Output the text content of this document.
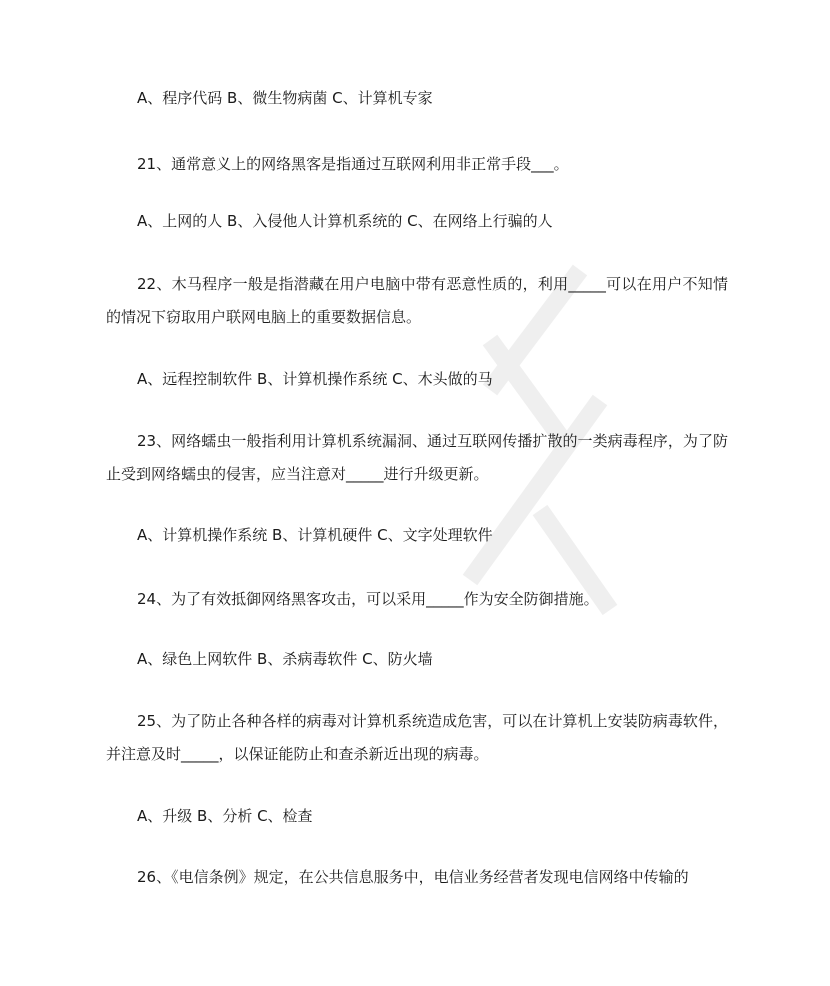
A、程序代码 B、微生物病菌 C、计算机专家

21、通常意义上的网络黑客是指通过互联网利用非正常手段___。

A、上网的人 B、入侵他人计算机系统的 C、在网络上行骗的人

22、木马程序一般是指潜藏在用户电脑中带有恶意性质的，利用_____可以在用户不知情的情况下窃取用户联网电脑上的重要数据信息。

A、远程控制软件 B、计算机操作系统 C、木头做的马

23、网络蠕虫一般指利用计算机系统漏洞、通过互联网传播扩散的一类病毒程序，为了防止受到网络蠕虫的侵害，应当注意对_____进行升级更新。

A、计算机操作系统 B、计算机硬件 C、文字处理软件

24、为了有效抵御网络黑客攻击，可以采用_____作为安全防御措施。

A、绿色上网软件 B、杀病毒软件 C、防火墙

25、为了防止各种各样的病毒对计算机系统造成危害，可以在计算机上安装防病毒软件，并注意及时_____，以保证能防止和查杀新近出现的病毒。

A、升级 B、分析 C、检查

26、《电信条例》规定，在公共信息服务中，电信业务经营者发现电信网络中传输的
